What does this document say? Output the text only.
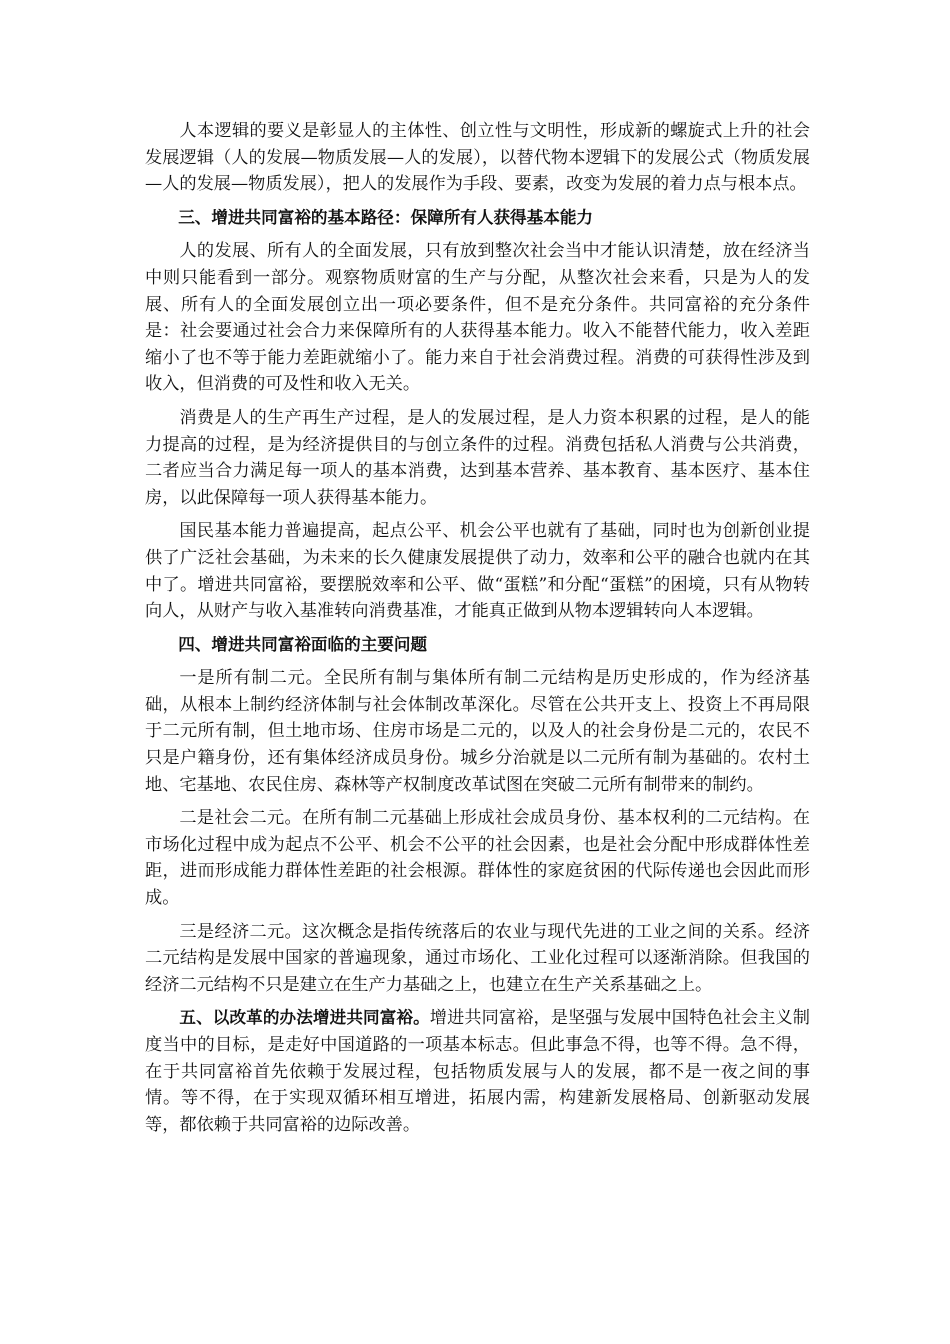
人本逻辑的要义是彰显人的主体性、创立性与文明性，形成新的螺旋式上升的社会发展逻辑（人的发展—物质发展—人的发展），以替代物本逻辑下的发展公式（物质发展—人的发展—物质发展），把人的发展作为手段、要素，改变为发展的着力点与根本点。

三、增进共同富裕的基本路径：保障所有人获得基本能力

人的发展、所有人的全面发展，只有放到整次社会当中才能认识清楚，放在经济当中则只能看到一部分。观察物质财富的生产与分配，从整次社会来看，只是为人的发展、所有人的全面发展创立出一项必要条件，但不是充分条件。共同富裕的充分条件是：社会要通过社会合力来保障所有的人获得基本能力。收入不能替代能力，收入差距缩小了也不等于能力差距就缩小了。能力来自于社会消费过程。消费的可获得性涉及到收入，但消费的可及性和收入无关。

消费是人的生产再生产过程，是人的发展过程，是人力资本积累的过程，是人的能力提高的过程，是为经济提供目的与创立条件的过程。消费包括私人消费与公共消费，二者应当合力满足每一项人的基本消费，达到基本营养、基本教育、基本医疗、基本住房，以此保障每一项人获得基本能力。

国民基本能力普遍提高，起点公平、机会公平也就有了基础，同时也为创新创业提供了广泛社会基础，为未来的长久健康发展提供了动力，效率和公平的融合也就内在其中了。增进共同富裕，要摆脱效率和公平、做“蛋糕”和分配“蛋糕”的困境，只有从物转向人，从财产与收入基准转向消费基准，才能真正做到从物本逻辑转向人本逻辑。

四、增进共同富裕面临的主要问题

一是所有制二元。全民所有制与集体所有制二元结构是历史形成的，作为经济基础，从根本上制约经济体制与社会体制改革深化。尽管在公共开支上、投资上不再局限于二元所有制，但土地市场、住房市场是二元的，以及人的社会身份是二元的，农民不只是户籍身份，还有集体经济成员身份。城乡分治就是以二元所有制为基础的。农村土地、宅基地、农民住房、森林等产权制度改革试图在突破二元所有制带来的制约。

二是社会二元。在所有制二元基础上形成社会成员身份、基本权利的二元结构。在市场化过程中成为起点不公平、机会不公平的社会因素，也是社会分配中形成群体性差距，进而形成能力群体性差距的社会根源。群体性的家庭贫困的代际传递也会因此而形成。

三是经济二元。这次概念是指传统落后的农业与现代先进的工业之间的关系。经济二元结构是发展中国家的普遍现象，通过市场化、工业化过程可以逐渐消除。但我国的经济二元结构不只是建立在生产力基础之上，也建立在生产关系基础之上。

五、以改革的办法增进共同富裕。增进共同富裕，是坚强与发展中国特色社会主义制度当中的目标，是走好中国道路的一项基本标志。但此事急不得，也等不得。急不得，在于共同富裕首先依赖于发展过程，包括物质发展与人的发展，都不是一夜之间的事情。等不得，在于实现双循环相互增进，拓展内需，构建新发展格局、创新驱动发展等，都依赖于共同富裕的边际改善。
